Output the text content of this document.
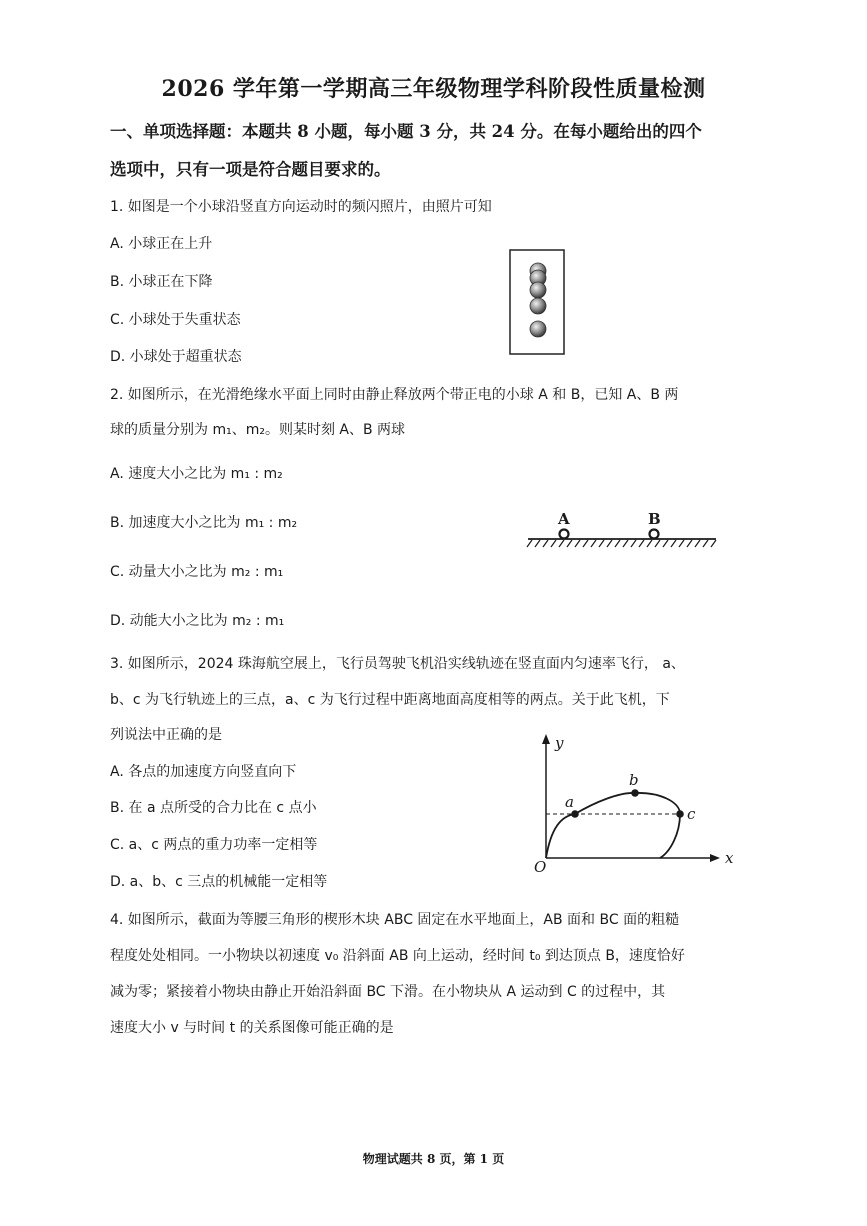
2026 学年第一学期高三年级物理学科阶段性质量检测
一、单项选择题：本题共 8 小题，每小题 3 分，共 24 分。在每小题给出的四个
选项中，只有一项是符合题目要求的。
1. 如图是一个小球沿竖直方向运动时的频闪照片，由照片可知
A. 小球正在上升
B. 小球正在下降
C. 小球处于失重状态
D. 小球处于超重状态
2. 如图所示，在光滑绝缘水平面上同时由静止释放两个带正电的小球 A 和 B，已知 A、B 两
球的质量分别为 m₁、m₂。则某时刻 A、B 两球
A. 速度大小之比为 m₁ : m₂
B. 加速度大小之比为 m₁ : m₂
C. 动量大小之比为 m₂ : m₁
D. 动能大小之比为 m₂ : m₁
A	B
3. 如图所示，2024 珠海航空展上，飞行员驾驶飞机沿实线轨迹在竖直面内匀速率飞行， a、
b、c 为飞行轨迹上的三点，a、c 为飞行过程中距离地面高度相等的两点。关于此飞机，下
列说法中正确的是
A. 各点的加速度方向竖直向下
B. 在 a 点所受的合力比在 c 点小
C. a、c 两点的重力功率一定相等
D. a、b、c 三点的机械能一定相等
y
x
O
a
b
c
4. 如图所示，截面为等腰三角形的楔形木块 ABC 固定在水平地面上，AB 面和 BC 面的粗糙
程度处处相同。一小物块以初速度 v₀ 沿斜面 AB 向上运动，经时间 t₀ 到达顶点 B，速度恰好
减为零；紧接着小物块由静止开始沿斜面 BC 下滑。在小物块从 A 运动到 C 的过程中，其
速度大小 v 与时间 t 的关系图像可能正确的是
物理试题共 8 页，第 1 页
